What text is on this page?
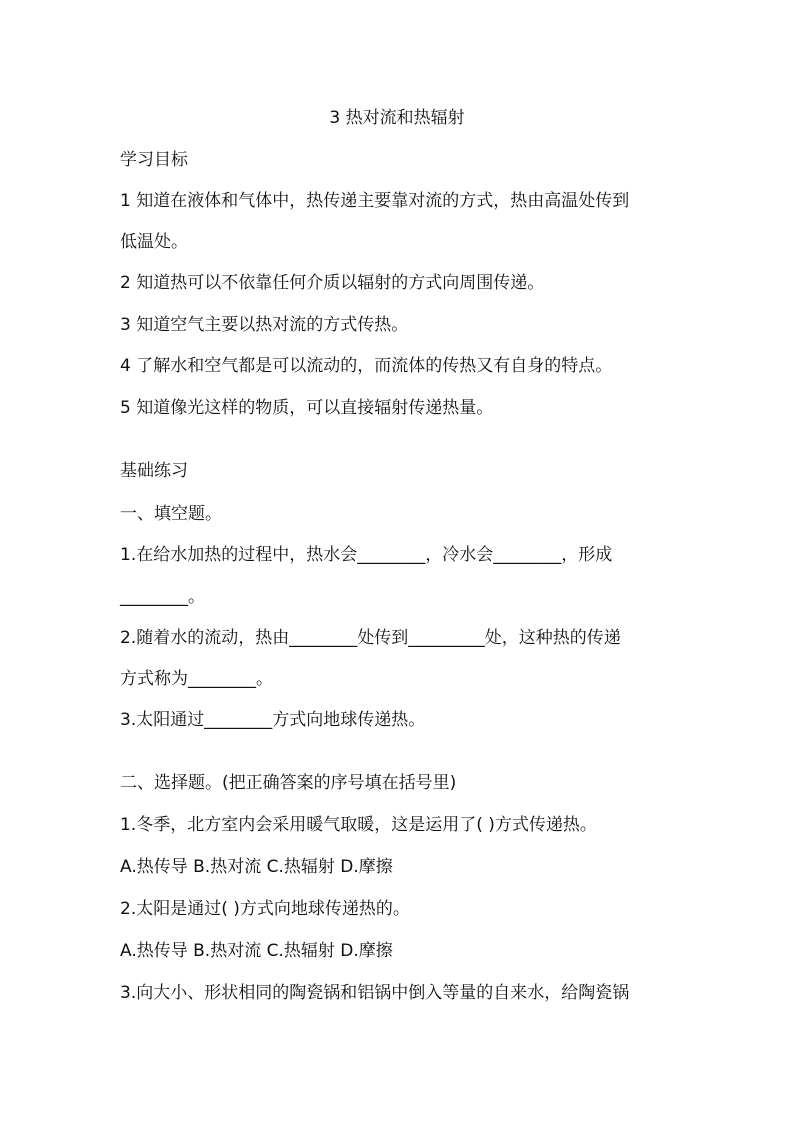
3 热对流和热辐射
学习目标
1 知道在液体和气体中，热传递主要靠对流的方式，热由高温处传到
低温处。
2 知道热可以不依靠任何介质以辐射的方式向周围传递。
3 知道空气主要以热对流的方式传热。
4 了解水和空气都是可以流动的，而流体的传热又有自身的特点。
5 知道像光这样的物质，可以直接辐射传递热量。
基础练习
一、填空题。
1.在给水加热的过程中，热水会________，冷水会________，形成
________。
2.随着水的流动，热由________处传到_________处，这种热的传递
方式称为________。
3.太阳通过________方式向地球传递热。
二、选择题。(把正确答案的序号填在括号里)
1.冬季，北方室内会采用暖气取暖，这是运用了( )方式传递热。
A.热传导 B.热对流 C.热辐射 D.摩擦
2.太阳是通过( )方式向地球传递热的。
A.热传导 B.热对流 C.热辐射 D.摩擦
3.向大小、形状相同的陶瓷锅和铝锅中倒入等量的自来水，给陶瓷锅
